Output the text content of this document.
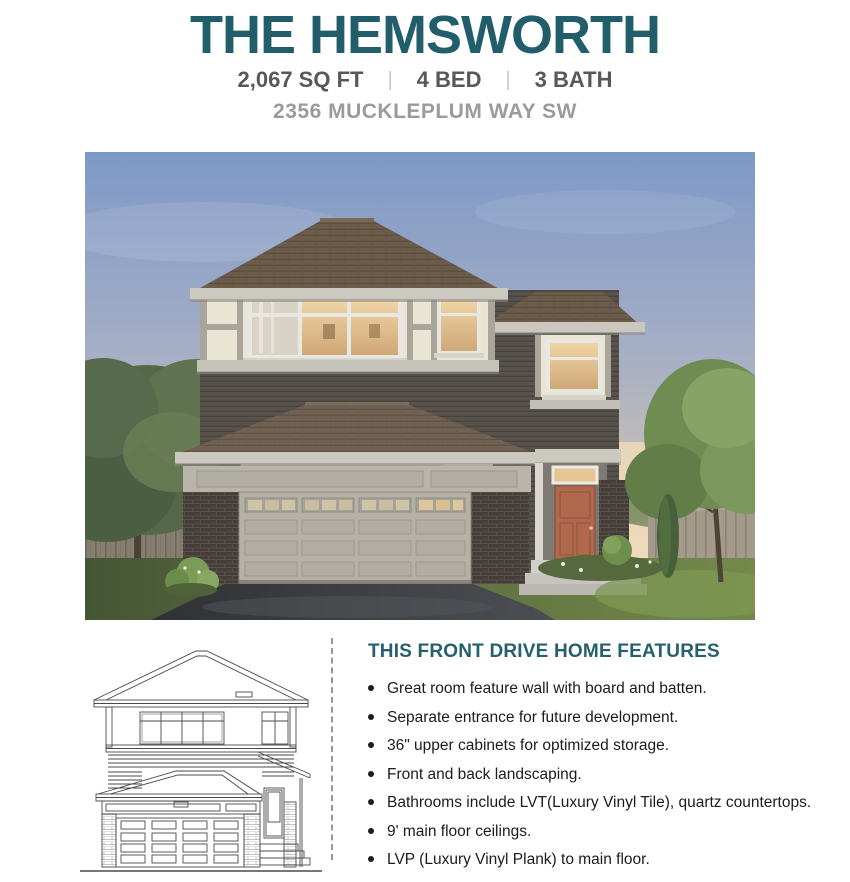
THE HEMSWORTH
2,067 SQ FT | 4 BED | 3 BATH
2356 MUCKLEPLUM WAY SW
THIS FRONT DRIVE HOME FEATURES
Great room feature wall with board and batten.
Separate entrance for future development.
36" upper cabinets for optimized storage.
Front and back landscaping.
Bathrooms include LVT(Luxury Vinyl Tile), quartz countertops.
9' main floor ceilings.
LVP (Luxury Vinyl Plank) to main floor.
